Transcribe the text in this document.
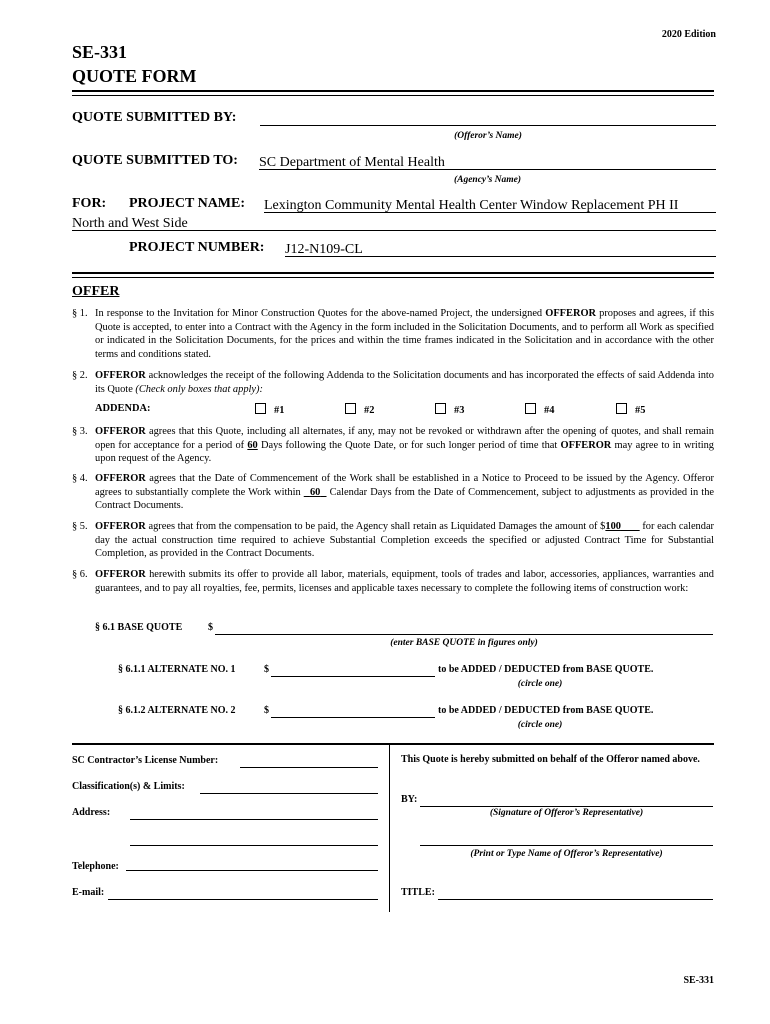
2020 Edition
SE-331
QUOTE FORM
QUOTE SUBMITTED BY:
(Offeror’s Name)
QUOTE SUBMITTED TO: SC Department of Mental Health
(Agency’s Name)
FOR: PROJECT NAME: Lexington Community Mental Health Center Window Replacement PH II
North and West Side
PROJECT NUMBER: J12-N109-CL
OFFER
§ 1. In response to the Invitation for Minor Construction Quotes for the above-named Project, the undersigned OFFEROR proposes and agrees, if this Quote is accepted, to enter into a Contract with the Agency in the form included in the Solicitation Documents, and to perform all Work as specified or indicated in the Solicitation Documents, for the prices and within the time frames indicated in the Solicitation and in accordance with the other terms and conditions stated.
§ 2. OFFEROR acknowledges the receipt of the following Addenda to the Solicitation documents and has incorporated the effects of said Addenda into its Quote (Check only boxes that apply):
ADDENDA:	#1	#2	#3	#4	#5
§ 3. OFFEROR agrees that this Quote, including all alternates, if any, may not be revoked or withdrawn after the opening of quotes, and shall remain open for acceptance for a period of 60 Days following the Quote Date, or for such longer period of time that OFFEROR may agree to in writing upon request of the Agency.
§ 4. OFFEROR agrees that the Date of Commencement of the Work shall be established in a Notice to Proceed to be issued by the Agency. Offeror agrees to substantially complete the Work within   60   Calendar Days from the Date of Commencement, subject to adjustments as provided in the Contract Documents.
§ 5. OFFEROR agrees that from the compensation to be paid, the Agency shall retain as Liquidated Damages the amount of $100        for each calendar day the actual construction time required to achieve Substantial Completion exceeds the specified or adjusted Contract Time for Substantial Completion, as provided in the Contract Documents.
§ 6. OFFEROR herewith submits its offer to provide all labor, materials, equipment, tools of trades and labor, accessories, appliances, warranties and guarantees, and to pay all royalties, fee, permits, licenses and applicable taxes necessary to complete the following items of construction work:
§ 6.1 BASE QUOTE	$
(enter BASE QUOTE in figures only)
§ 6.1.1 ALTERNATE NO. 1	$	to be ADDED / DEDUCTED from BASE QUOTE.
(circle one)
§ 6.1.2 ALTERNATE NO. 2	$	to be ADDED / DEDUCTED from BASE QUOTE.
(circle one)
SC Contractor’s License Number:
Classification(s) & Limits:
Address:
Telephone:
E-mail:
This Quote is hereby submitted on behalf of the Offeror named above.
BY:
(Signature of Offeror’s Representative)
(Print or Type Name of Offeror’s Representative)
TITLE:
SE-331
